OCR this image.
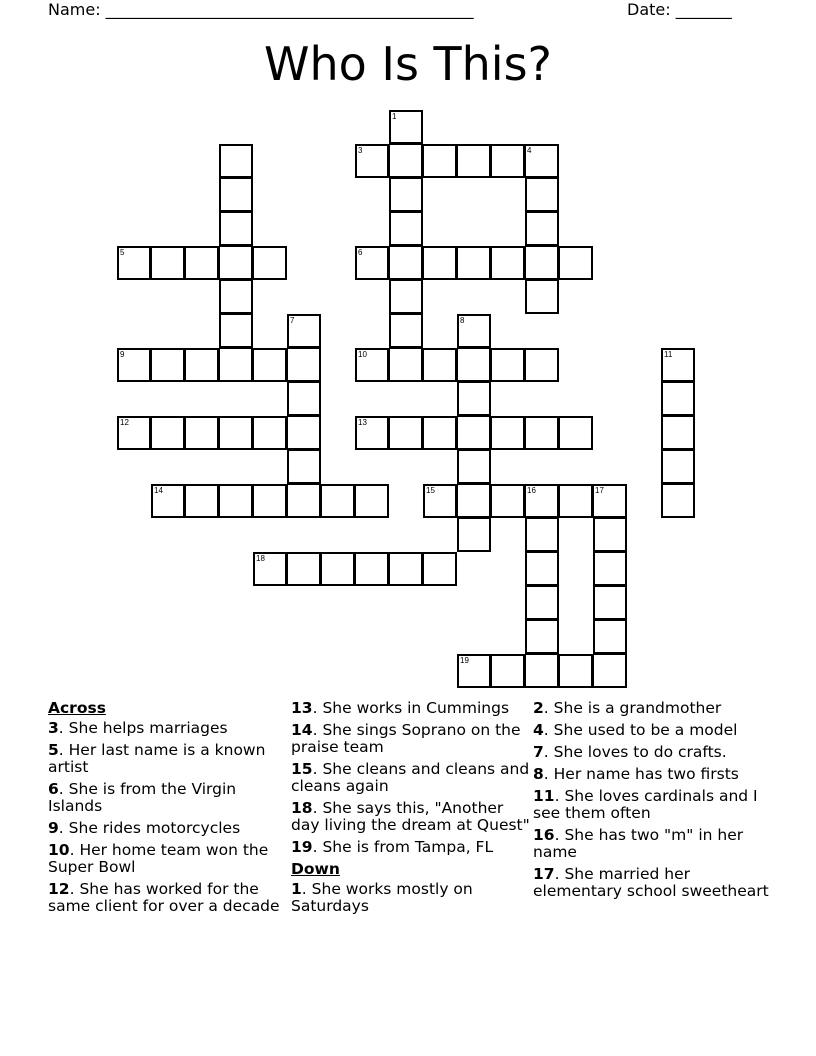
Name: ______________________________________________	Date: _______
Who Is This?
1
3	4
5	6
7	8
9	10	11
12	13
14	15	16	17
18
19
Across
3. She helps marriages
5. Her last name is a known artist
6. She is from the Virgin Islands
9. She rides motorcycles
10. Her home team won the Super Bowl
12. She has worked for the same client for over a decade
13. She works in Cummings
14. She sings Soprano on the praise team
15. She cleans and cleans and cleans again
18. She says this, "Another day living the dream at Quest"
19. She is from Tampa, FL
Down
1. She works mostly on Saturdays
2. She is a grandmother
4. She used to be a model
7. She loves to do crafts.
8. Her name has two firsts
11. She loves cardinals and I see them often
16. She has two "m" in her name
17. She married her elementary school sweetheart
